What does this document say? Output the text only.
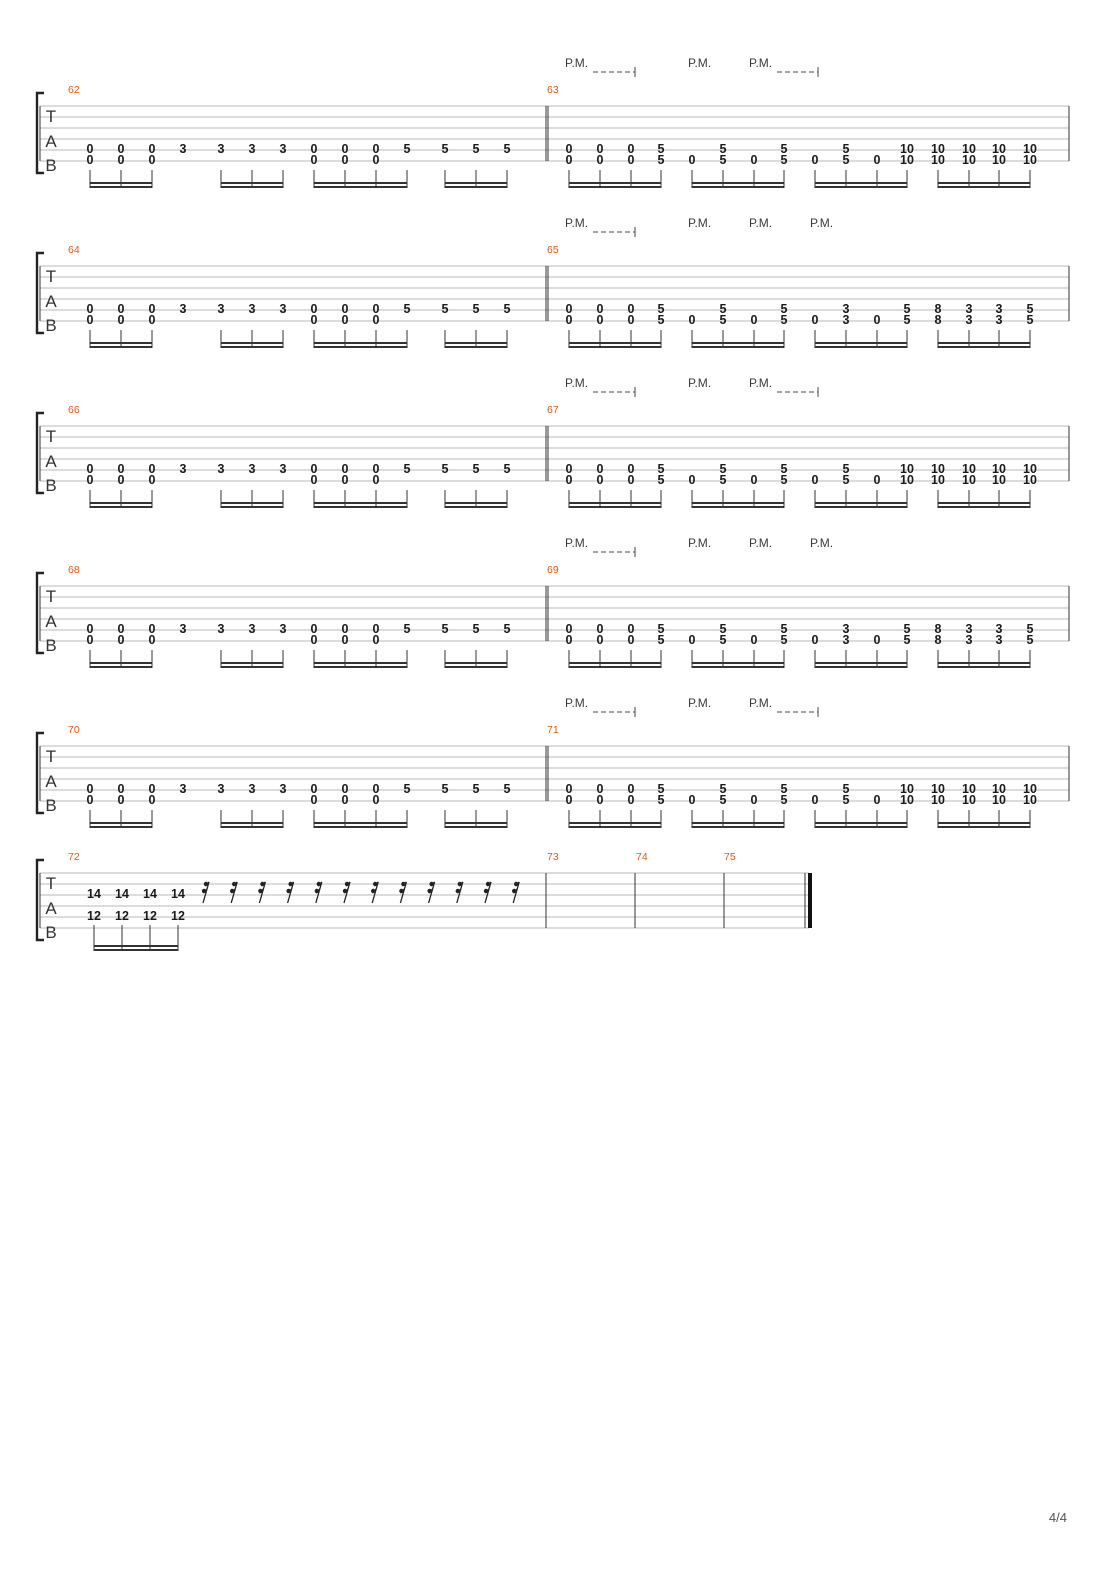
T
A
B
62	63
P.M.	P.M.	P.M.
0
0
0
0
0
0
3 3 3 3 0
0
0
0
0
0
5 5 5 5	0
0
0
0
0
0
5
5 0
5
5 0
5
5 0
5
5 0
10
10
10
10
10
10
10
10
10
10
T
A
B
64	65
P.M.	P.M.	P.M.	P.M.
0
0
0
0
0
0
3 3 3 3 0
0
0
0
0
0
5 5 5 5	0
0
0
0
0
0
5
5 0
5
5 0
5
5 0
3
3 0
5
5
8
8
3
3
3
3
5
5
T
A
B
66	67
P.M.	P.M.	P.M.
0
0
0
0
0
0
3 3 3 3 0
0
0
0
0
0
5 5 5 5	0
0
0
0
0
0
5
5 0
5
5 0
5
5 0
5
5 0
10
10
10
10
10
10
10
10
10
10
T
A
B
68	69
P.M.	P.M.	P.M.	P.M.
0
0
0
0
0
0
3 3 3 3 0
0
0
0
0
0
5 5 5 5	0
0
0
0
0
0
5
5 0
5
5 0
5
5 0
3
3 0
5
5
8
8
3
3
3
3
5
5
T
A
B
70	71
P.M.	P.M.	P.M.
0
0
0
0
0
0
3 3 3 3 0
0
0
0
0
0
5 5 5 5	0
0
0
0
0
0
5
5 0
5
5 0
5
5 0
5
5 0
10
10
10
10
10
10
10
10
10
10
T
A
B
72	73	74	75
14
12
14
12
14
12
14
12
4/4
